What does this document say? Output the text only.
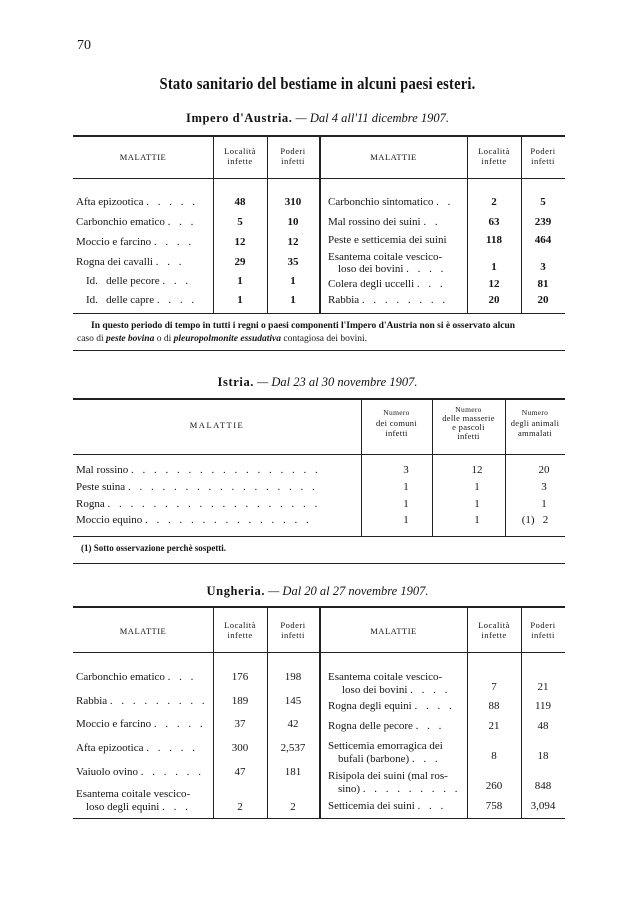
70
Stato sanitario del bestiame in alcuni paesi esteri.
Impero d'Austria. — Dal 4 all'11 dicembre 1907.
MALATTIE
Località
infette
Poderi
infetti	MALATTIE
Località
infette
Poderi
infetti
Afta epizootica . . . . .	48	310
Carbonchio ematico . . .	5	10
Moccio e farcino . . . .	12	12
Rogna dei cavalli . . .	29	35
Id.   delle pecore . . .	1	1
Id.   delle capre . . . .	1	1
Carbonchio sintomatico . .	2	5
Mal rossino dei suini . .	63	239
Peste e setticemia dei suini	118	464
Esantema coitale vescico-
loso dei bovini . . . .	1	3
Colera degli uccelli . . .	12	81
Rabbia . . . . . . . .	20	20
In questo periodo di tempo in tutti i regni o paesi componenti l'Impero d'Austria non si è osservato alcun
caso di peste bovina o di pleuropolmonite essudativa contagiosa dei bovini.
Istria. — Dal 23 al 30 novembre 1907.
MALATTIE
Numero
dei comuni
infetti
Numero
delle masserie
e pascoli
infetti
Numero
degli animali
ammalati
Mal rossino . . . . . . . . . . . . . . . . .	3	12	20
Peste suina . . . . . . . . . . . . . . . . .	1	1	3
Rogna . . . . . . . . . . . . . . . . . . .	1	1	1
Moccio equino . . . . . . . . . . . . . . .	1	1	(1)   2
(1) Sotto osservazione perchè sospetti.
Ungheria. — Dal 20 al 27 novembre 1907.
MALATTIE
Località
infette
Poderi
infetti	MALATTIE
Località
infette
Poderi
infetti
Carbonchio ematico . . .	176	198
Rabbia . . . . . . . . .	189	145
Moccio e farcino . . . . .	37	42
Afta epizootica . . . . .	300	2,537
Vaiuolo ovino . . . . . .	47	181
Esantema coitale vescico-
loso degli equini . . .	2	2
Esantema coitale vescico-
loso dei bovini . . . .	7	21
Rogna degli equini . . . .	88	119
Rogna delle pecore . . .	21	48
Setticemia emorragica dei
bufali (barbone) . . .	8	18
Risipola dei suini (mal ros-
sino) . . . . . . . . .	260	848
Setticemia dei suini . . .	758	3,094
